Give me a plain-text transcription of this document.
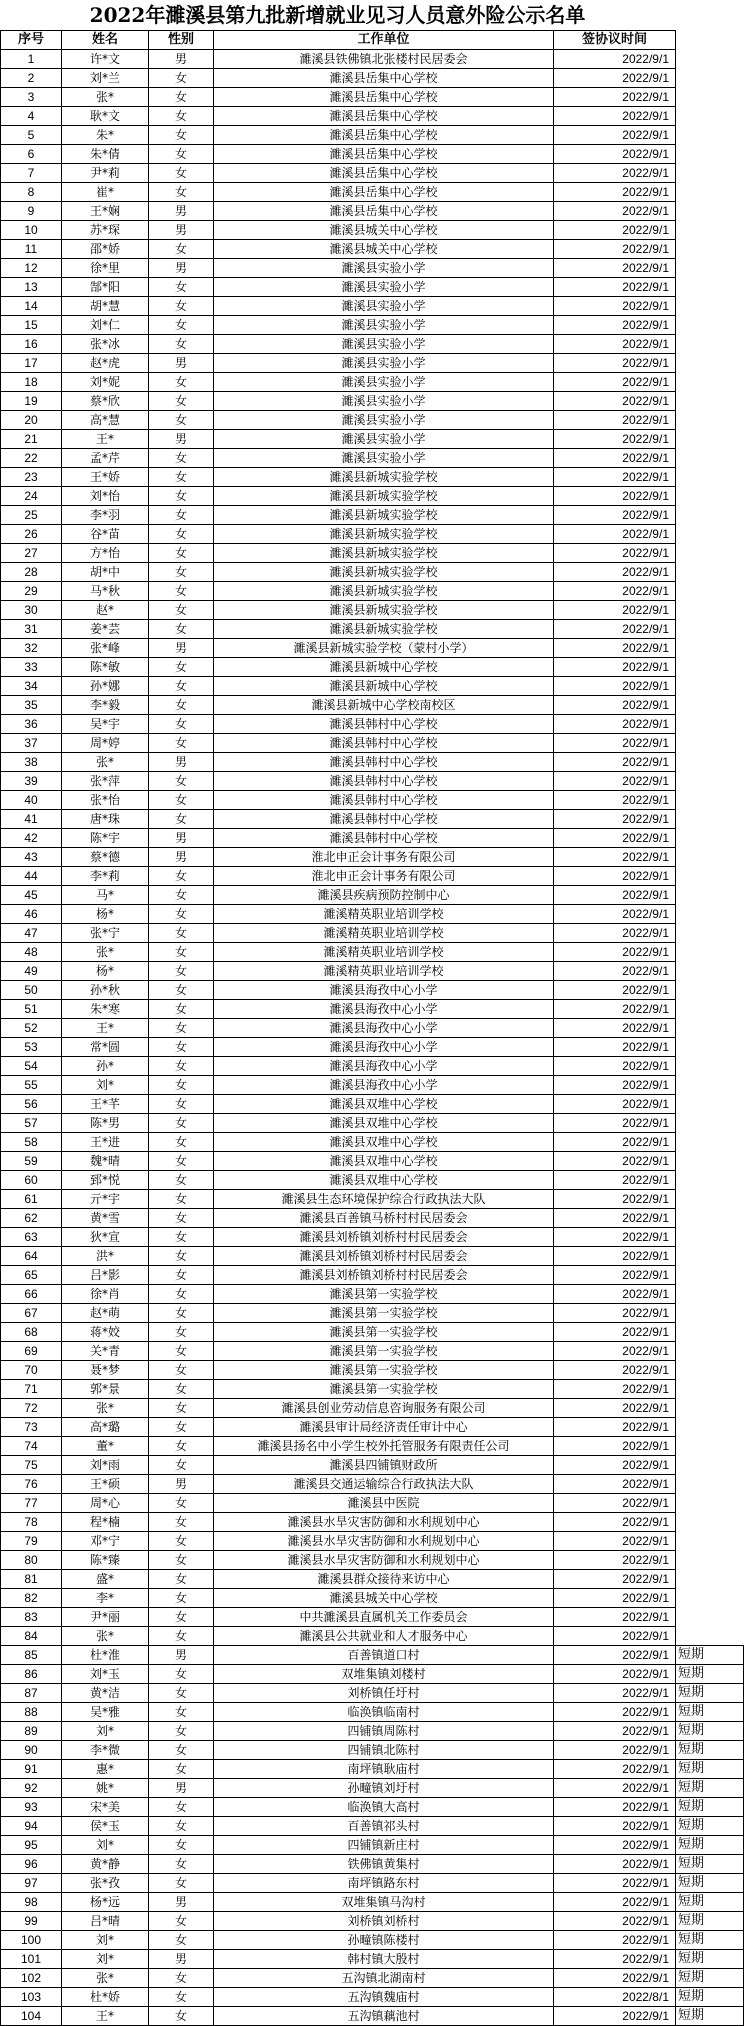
2022年濉溪县第九批新增就业见习人员意外险公示名单
序号	姓名	性别	工作单位	签协议时间	
1	许*文	男	濉溪县铁佛镇北张楼村民居委会	2022/9/1	
2	刘*兰	女	濉溪县岳集中心学校	2022/9/1	
3	张*	女	濉溪县岳集中心学校	2022/9/1	
4	耿*文	女	濉溪县岳集中心学校	2022/9/1	
5	朱*	女	濉溪县岳集中心学校	2022/9/1	
6	朱*倩	女	濉溪县岳集中心学校	2022/9/1	
7	尹*莉	女	濉溪县岳集中心学校	2022/9/1	
8	崔*	女	濉溪县岳集中心学校	2022/9/1	
9	王*娴	男	濉溪县岳集中心学校	2022/9/1	
10	苏*琛	男	濉溪县城关中心学校	2022/9/1	
11	邵*娇	女	濉溪县城关中心学校	2022/9/1	
12	徐*里	男	濉溪县实验小学	2022/9/1	
13	郜*阳	女	濉溪县实验小学	2022/9/1	
14	胡*慧	女	濉溪县实验小学	2022/9/1	
15	刘*仁	女	濉溪县实验小学	2022/9/1	
16	张*冰	女	濉溪县实验小学	2022/9/1	
17	赵*虎	男	濉溪县实验小学	2022/9/1	
18	刘*妮	女	濉溪县实验小学	2022/9/1	
19	蔡*欣	女	濉溪县实验小学	2022/9/1	
20	高*慧	女	濉溪县实验小学	2022/9/1	
21	王*	男	濉溪县实验小学	2022/9/1	
22	孟*芹	女	濉溪县实验小学	2022/9/1	
23	王*娇	女	濉溪县新城实验学校	2022/9/1	
24	刘*怡	女	濉溪县新城实验学校	2022/9/1	
25	李*羽	女	濉溪县新城实验学校	2022/9/1	
26	谷*苗	女	濉溪县新城实验学校	2022/9/1	
27	方*怡	女	濉溪县新城实验学校	2022/9/1	
28	胡*中	女	濉溪县新城实验学校	2022/9/1	
29	马*秋	女	濉溪县新城实验学校	2022/9/1	
30	赵*	女	濉溪县新城实验学校	2022/9/1	
31	姜*芸	女	濉溪县新城实验学校	2022/9/1	
32	张*峰	男	濉溪县新城实验学校（蒙村小学）	2022/9/1	
33	陈*敏	女	濉溪县新城中心学校	2022/9/1	
34	孙*娜	女	濉溪县新城中心学校	2022/9/1	
35	李*毅	女	濉溪县新城中心学校南校区	2022/9/1	
36	吴*宇	女	濉溪县韩村中心学校	2022/9/1	
37	周*婷	女	濉溪县韩村中心学校	2022/9/1	
38	张*	男	濉溪县韩村中心学校	2022/9/1	
39	张*萍	女	濉溪县韩村中心学校	2022/9/1	
40	张*怡	女	濉溪县韩村中心学校	2022/9/1	
41	唐*珠	女	濉溪县韩村中心学校	2022/9/1	
42	陈*宇	男	濉溪县韩村中心学校	2022/9/1	
43	蔡*德	男	淮北申正会计事务有限公司	2022/9/1	
44	李*莉	女	淮北申正会计事务有限公司	2022/9/1	
45	马*	女	濉溪县疾病预防控制中心	2022/9/1	
46	杨*	女	濉溪精英职业培训学校	2022/9/1	
47	张*宁	女	濉溪精英职业培训学校	2022/9/1	
48	张*	女	濉溪精英职业培训学校	2022/9/1	
49	杨*	女	濉溪精英职业培训学校	2022/9/1	
50	孙*秋	女	濉溪县海孜中心小学	2022/9/1	
51	朱*寒	女	濉溪县海孜中心小学	2022/9/1	
52	王*	女	濉溪县海孜中心小学	2022/9/1	
53	常*圆	女	濉溪县海孜中心小学	2022/9/1	
54	孙*	女	濉溪县海孜中心小学	2022/9/1	
55	刘*	女	濉溪县海孜中心小学	2022/9/1	
56	王*芊	女	濉溪县双堆中心学校	2022/9/1	
57	陈*男	女	濉溪县双堆中心学校	2022/9/1	
58	王*进	女	濉溪县双堆中心学校	2022/9/1	
59	魏*晴	女	濉溪县双堆中心学校	2022/9/1	
60	郅*悦	女	濉溪县双堆中心学校	2022/9/1	
61	亓*宇	女	濉溪县生态环境保护综合行政执法大队	2022/9/1	
62	黄*雪	女	濉溪县百善镇马桥村村民居委会	2022/9/1	
63	狄*宣	女	濉溪县刘桥镇刘桥村村民居委会	2022/9/1	
64	洪*	女	濉溪县刘桥镇刘桥村村民居委会	2022/9/1	
65	吕*影	女	濉溪县刘桥镇刘桥村村民居委会	2022/9/1	
66	徐*肖	女	濉溪县第一实验学校	2022/9/1	
67	赵*萌	女	濉溪县第一实验学校	2022/9/1	
68	蒋*姣	女	濉溪县第一实验学校	2022/9/1	
69	关*青	女	濉溪县第一实验学校	2022/9/1	
70	聂*梦	女	濉溪县第一实验学校	2022/9/1	
71	郭*景	女	濉溪县第一实验学校	2022/9/1	
72	张*	女	濉溪县创业劳动信息咨询服务有限公司	2022/9/1	
73	高*璐	女	濉溪县审计局经济责任审计中心	2022/9/1	
74	董*	女	濉溪县扬名中小学生校外托管服务有限责任公司	2022/9/1	
75	刘*雨	女	濉溪县四铺镇财政所	2022/9/1	
76	王*硕	男	濉溪县交通运输综合行政执法大队	2022/9/1	
77	周*心	女	濉溪县中医院	2022/9/1	
78	程*楠	女	濉溪县水旱灾害防御和水利规划中心	2022/9/1	
79	邓*宁	女	濉溪县水旱灾害防御和水利规划中心	2022/9/1	
80	陈*臻	女	濉溪县水旱灾害防御和水利规划中心	2022/9/1	
81	盛*	女	濉溪县群众接待来访中心	2022/9/1	
82	李*	女	濉溪县城关中心学校	2022/9/1	
83	尹*丽	女	中共濉溪县直属机关工作委员会	2022/9/1	
84	张*	女	濉溪县公共就业和人才服务中心	2022/9/1	
85	杜*淮	男	百善镇道口村	2022/9/1	短期
86	刘*玉	女	双堆集镇刘楼村	2022/9/1	短期
87	黄*洁	女	刘桥镇任圩村	2022/9/1	短期
88	吴*雅	女	临涣镇临南村	2022/9/1	短期
89	刘*	女	四铺镇周陈村	2022/9/1	短期
90	李*微	女	四铺镇北陈村	2022/9/1	短期
91	惠*	女	南坪镇耿庙村	2022/9/1	短期
92	姚*	男	孙疃镇刘圩村	2022/9/1	短期
93	宋*美	女	临涣镇大高村	2022/9/1	短期
94	侯*玉	女	百善镇祁头村	2022/9/1	短期
95	刘*	女	四铺镇新庄村	2022/9/1	短期
96	黄*静	女	铁佛镇黄集村	2022/9/1	短期
97	张*孜	女	南坪镇路东村	2022/9/1	短期
98	杨*远	男	双堆集镇马沟村	2022/9/1	短期
99	吕*晴	女	刘桥镇刘桥村	2022/9/1	短期
100	刘*	女	孙疃镇陈楼村	2022/9/1	短期
101	刘*	男	韩村镇大殷村	2022/9/1	短期
102	张*	女	五沟镇北湖南村	2022/9/1	短期
103	杜*娇	女	五沟镇魏庙村	2022/8/1	短期
104	王*	女	五沟镇藕池村	2022/9/1	短期
